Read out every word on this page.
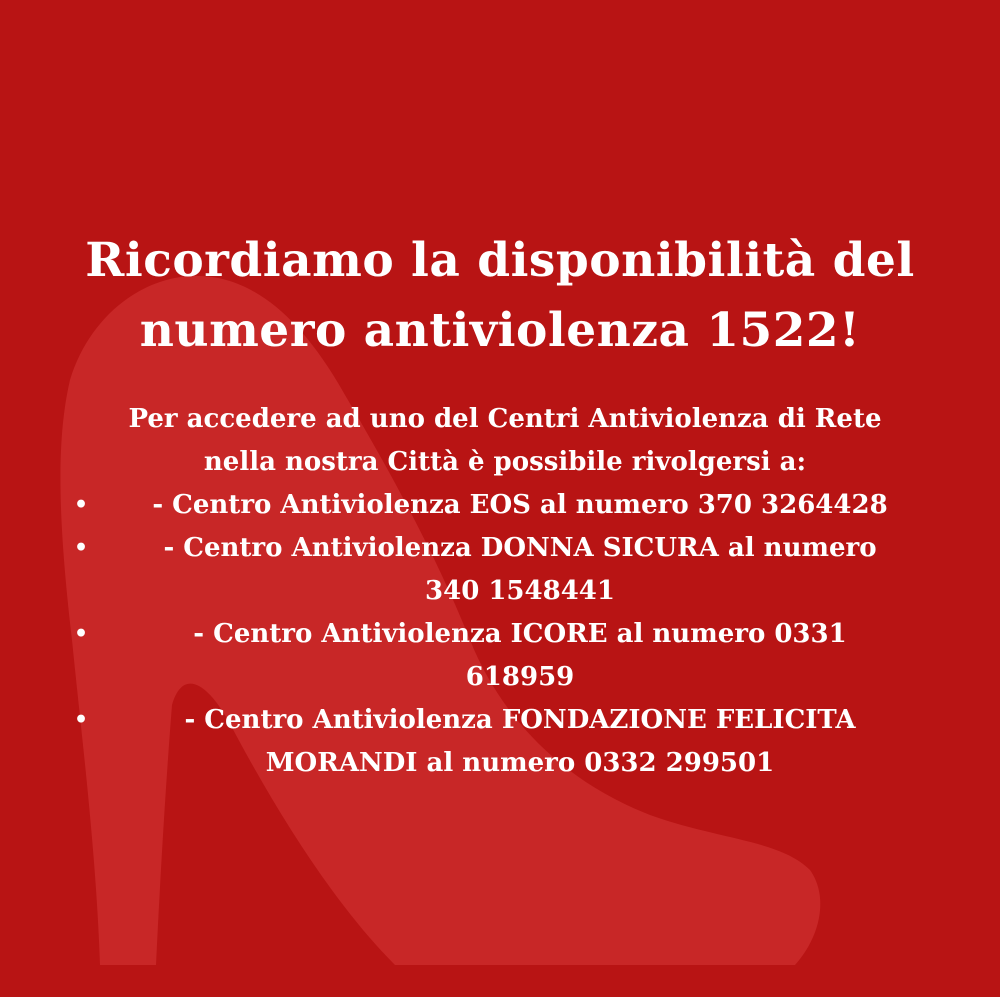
Ricordiamo la disponibilità del
numero antiviolenza 1522!

Per accedere ad uno del Centri Antiviolenza di Rete
nella nostra Città è possibile rivolgersi a:

• - Centro Antiviolenza EOS al numero 370 3264428
•	- Centro Antiviolenza DONNA SICURA al numero
340 1548441
•	- Centro Antiviolenza ICORE al numero 0331
618959
•	- Centro Antiviolenza FONDAZIONE FELICITA
MORANDI al numero 0332 299501
